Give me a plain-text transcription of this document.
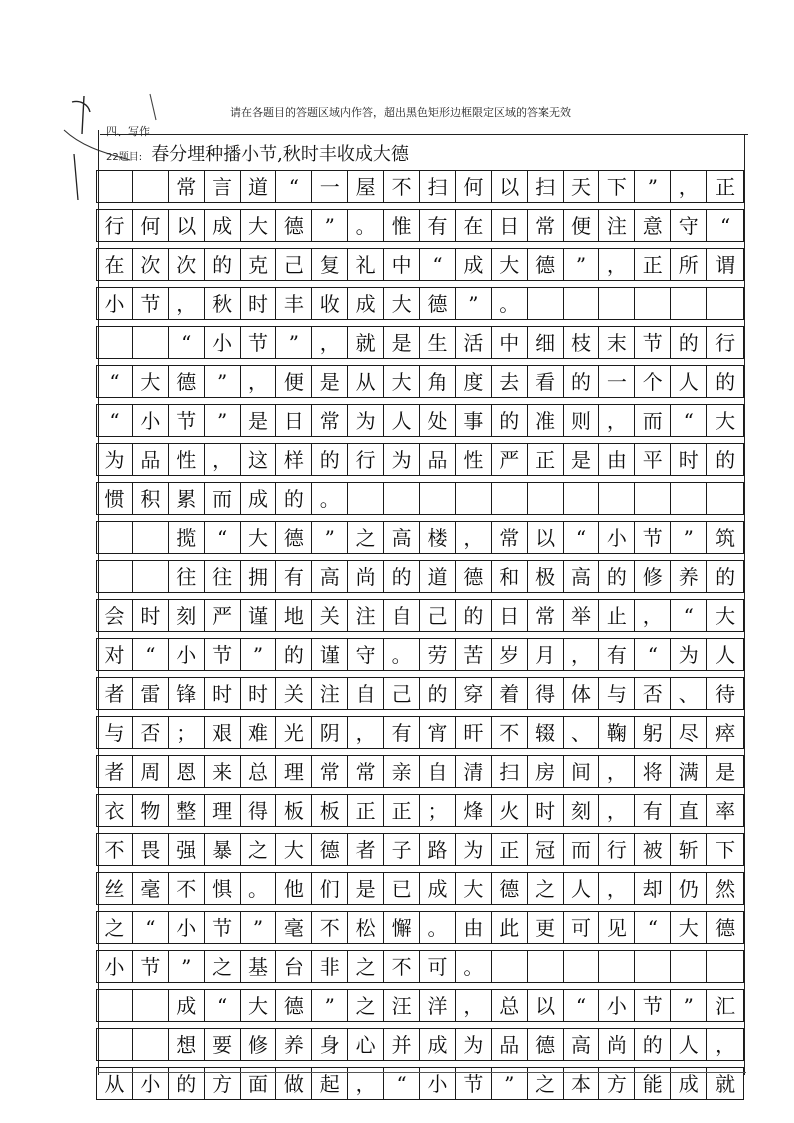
请在各题目的答题区域内作答，超出黑色矩形边框限定区域的答案无效
四、写作
22题目: 春分埋种播小节,秋时丰收成大德
常 言 道	“	一 屋 不 扫 何 以 扫 天 下	”	， 正
行 何 以 成 大 德	”	。 惟 有 在 日 常 便 注 意 守	“
在 次 次 的 克 己 复 礼 中	“	成 大 德	”	， 正 所 谓
小 节 ， 秋 时 丰 收 成 大 德	”	。
“	小 节	”	， 就 是 生 活 中 细 枝 末 节 的 行
“	大 德	”	， 便 是 从 大 角 度 去 看 的 一 个 人 的
“	小 节	”	是 日 常 为 人 处 事 的 准 则 ， 而	“	大
为 品 性 ， 这 样 的 行 为 品 性 严 正 是 由 平 时 的
惯 积 累 而 成 的 。
揽	“	大 德	”	之 高 楼 ， 常 以	“	小 节	”	筑
往 往 拥 有 高 尚 的 道 德 和 极 高 的 修 养 的
会 时 刻 严 谨 地 关 注 自 己 的 日 常 举 止 ，	“	大
对	“	小 节	”	的 谨 守 。 劳 苦 岁 月 ， 有	“	为 人
者 雷 锋 时 时 关 注 自 己 的 穿 着 得 体 与 否 、 待
与 否 ； 艰 难 光 阴 ， 有 宵 旰 不 辍 、 鞠 躬 尽 瘁
者 周 恩 来 总 理 常 常 亲 自 清 扫 房 间 ， 将 满 是
衣 物 整 理 得 板 板 正 正 ； 烽 火 时 刻 ， 有 直 率
不 畏 强 暴 之 大 德 者 子 路 为 正 冠 而 行 被 斩 下
丝 毫 不 惧 。 他 们 是 已 成 大 德 之 人 ， 却 仍 然
之	“	小 节	”	毫 不 松 懈 。 由 此 更 可 见	“	大 德
小 节	”	之 基 台 非 之 不 可 。
成	“	大 德	”	之 汪 洋 ， 总 以	“	小 节	”	汇
想 要 修 养 身 心 并 成 为 品 德 高 尚 的 人 ，
从 小 的 方 面 做 起 ，	“	小 节	”	之 本 方 能 成 就
